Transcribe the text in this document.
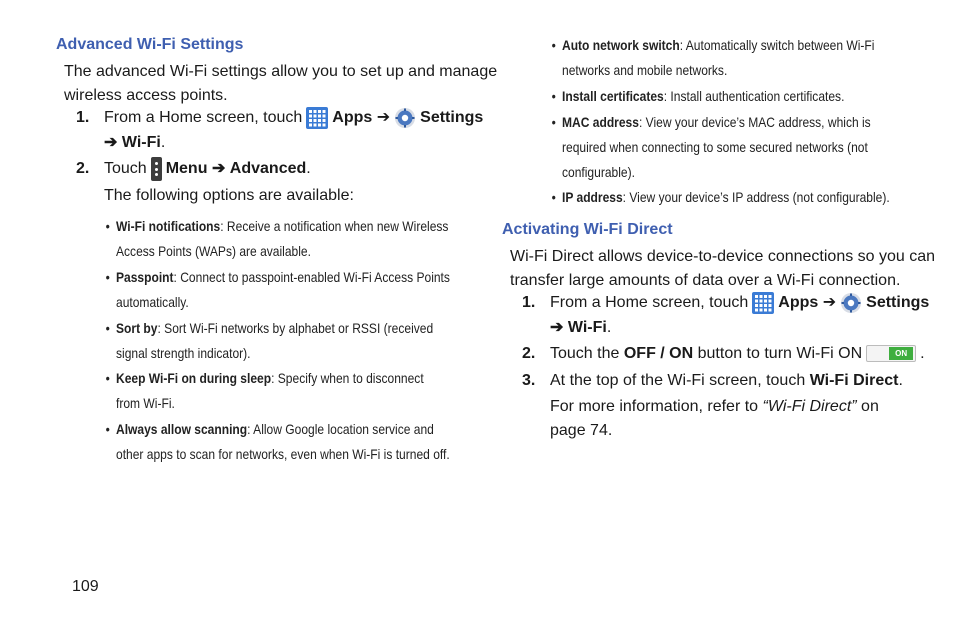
Advanced Wi-Fi Settings
The advanced Wi-Fi settings allow you to set up and manage
wireless access points.
1. From a Home screen, touch Apps ➔ Settings
➔ Wi-Fi.
2. Touch Menu ➔ Advanced.
The following options are available:
• Wi-Fi notifications: Receive a notification when new Wireless
Access Points (WAPs) are available.
• Passpoint: Connect to passpoint-enabled Wi-Fi Access Points
automatically.
• Sort by: Sort Wi-Fi networks by alphabet or RSSI (received
signal strength indicator).
• Keep Wi-Fi on during sleep: Specify when to disconnect
from Wi-Fi.
• Always allow scanning: Allow Google location service and
other apps to scan for networks, even when Wi-Fi is turned off.
• Auto network switch: Automatically switch between Wi-Fi
networks and mobile networks.
• Install certificates: Install authentication certificates.
• MAC address: View your device’s MAC address, which is
required when connecting to some secured networks (not
configurable).
• IP address: View your device’s IP address (not configurable).
Activating Wi-Fi Direct
Wi-Fi Direct allows device-to-device connections so you can
transfer large amounts of data over a Wi-Fi connection.
1. From a Home screen, touch Apps ➔ Settings
➔ Wi-Fi.
2. Touch the OFF / ON button to turn Wi-Fi ON	ON .
3. At the top of the Wi-Fi screen, touch Wi-Fi Direct.
For more information, refer to “Wi-Fi Direct” on
page 74.
109
